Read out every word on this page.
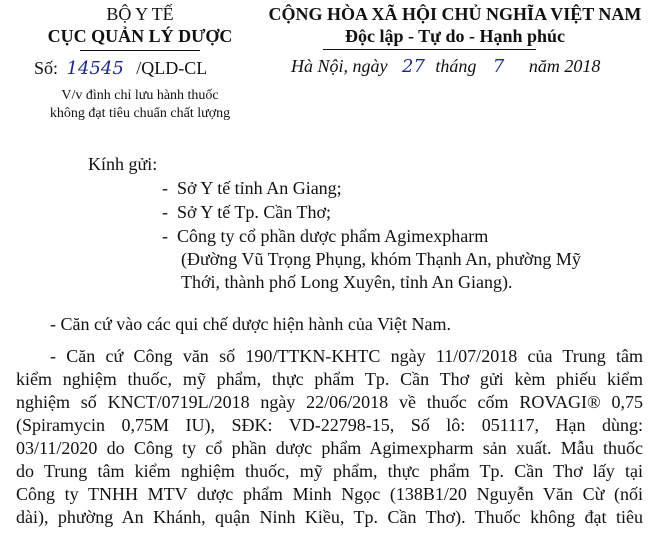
BỘ Y TẾ
CỤC QUẢN LÝ DƯỢC
Số: 14545 /QLD-CL
V/v đình chỉ lưu hành thuốc
không đạt tiêu chuẩn chất lượng
CỘNG HÒA XÃ HỘI CHỦ NGHĨA VIỆT NAM
Độc lập - Tự do - Hạnh phúc
Hà Nội, ngày 27 tháng 7 năm 2018
Kính gửi:
-  Sở Y tế tỉnh An Giang;
-  Sở Y tế Tp. Cần Thơ;
-  Công ty cổ phần dược phẩm Agimexpharm
(Đường Vũ Trọng Phụng, khóm Thạnh An, phường Mỹ
Thới, thành phố Long Xuyên, tỉnh An Giang).
- Căn cứ vào các qui chế dược hiện hành của Việt Nam.
- Căn cứ Công văn số 190/TTKN-KHTC ngày 11/07/2018 của Trung tâm
kiểm nghiệm thuốc, mỹ phẩm, thực phẩm Tp. Cần Thơ gửi kèm phiếu kiểm
nghiệm số KNCT/0719L/2018 ngày 22/06/2018 về thuốc cốm ROVAGI® 0,75
(Spiramycin 0,75M IU), SĐK: VD-22798-15, Số lô: 051117, Hạn dùng:
03/11/2020 do Công ty cổ phần dược phẩm Agimexpharm sản xuất. Mẫu thuốc
do Trung tâm kiểm nghiệm thuốc, mỹ phẩm, thực phẩm Tp. Cần Thơ lấy tại
Công ty TNHH MTV dược phẩm Minh Ngọc (138B1/20 Nguyễn Văn Cừ (nối
dài), phường An Khánh, quận Ninh Kiều, Tp. Cần Thơ). Thuốc không đạt tiêu
